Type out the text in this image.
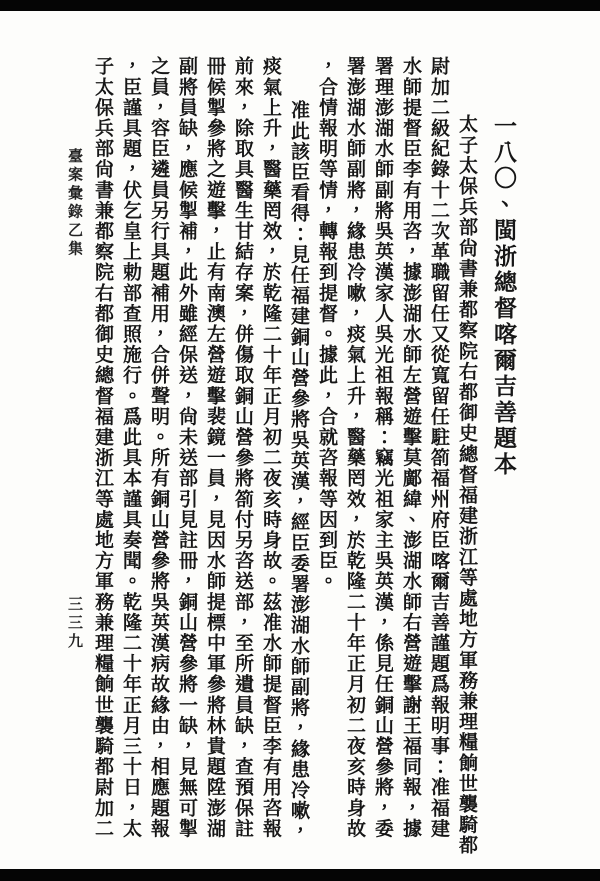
一八〇、閩浙總督喀爾吉善題本
太子太保兵部尙書兼都察院右都御史總督福建浙江等處地方軍務兼理糧餉世襲騎都
尉加二級紀錄十二次革職留任又從寬留任駐箚福州府臣喀爾吉善謹題爲報明事：准福建
水師提督臣李有用咨，據澎湖水師左營遊擊莫鄺緯、澎湖水師右營遊擊謝王福同報，據
署理澎湖水師副將吳英漢家人吳光祖報稱：竊光祖家主吳英漢，係見任銅山營參將，委
署澎湖水師副將，緣患冷嗽，痰氣上升，醫藥罔效，於乾隆二十年正月初二夜亥時身故
，合情報明等情，轉報到提督。據此，合就咨報等因到臣。
准此該臣看得：見任福建銅山營參將吳英漢，經臣委署澎湖水師副將，緣患冷嗽，
痰氣上升，醫藥罔效，於乾隆二十年正月初二夜亥時身故。茲准水師提督臣李有用咨報
前來，除取具醫生甘結存案，併傷取銅山營參將箚付另咨送部，至所遺員缺，查預保註
冊候掣參將之遊擊，止有南澳左營遊擊裴鏡一員，見因水師提標中軍參將林貴題陞澎湖
副將員缺，應候掣補，此外雖經保送，尙未送部引見註冊，銅山營參將一缺，見無可掣
之員，容臣遴員另行具題補用，合併聲明。所有銅山營參將吳英漢病故緣由，相應題報
，臣謹具題，伏乞皇上勅部查照施行。爲此具本謹具奏聞。乾隆二十年正月三十日，太
子太保兵部尙書兼都察院右都御史總督福建浙江等處地方軍務兼理糧餉世襲騎都尉加二
臺案彙錄乙集
三三九
